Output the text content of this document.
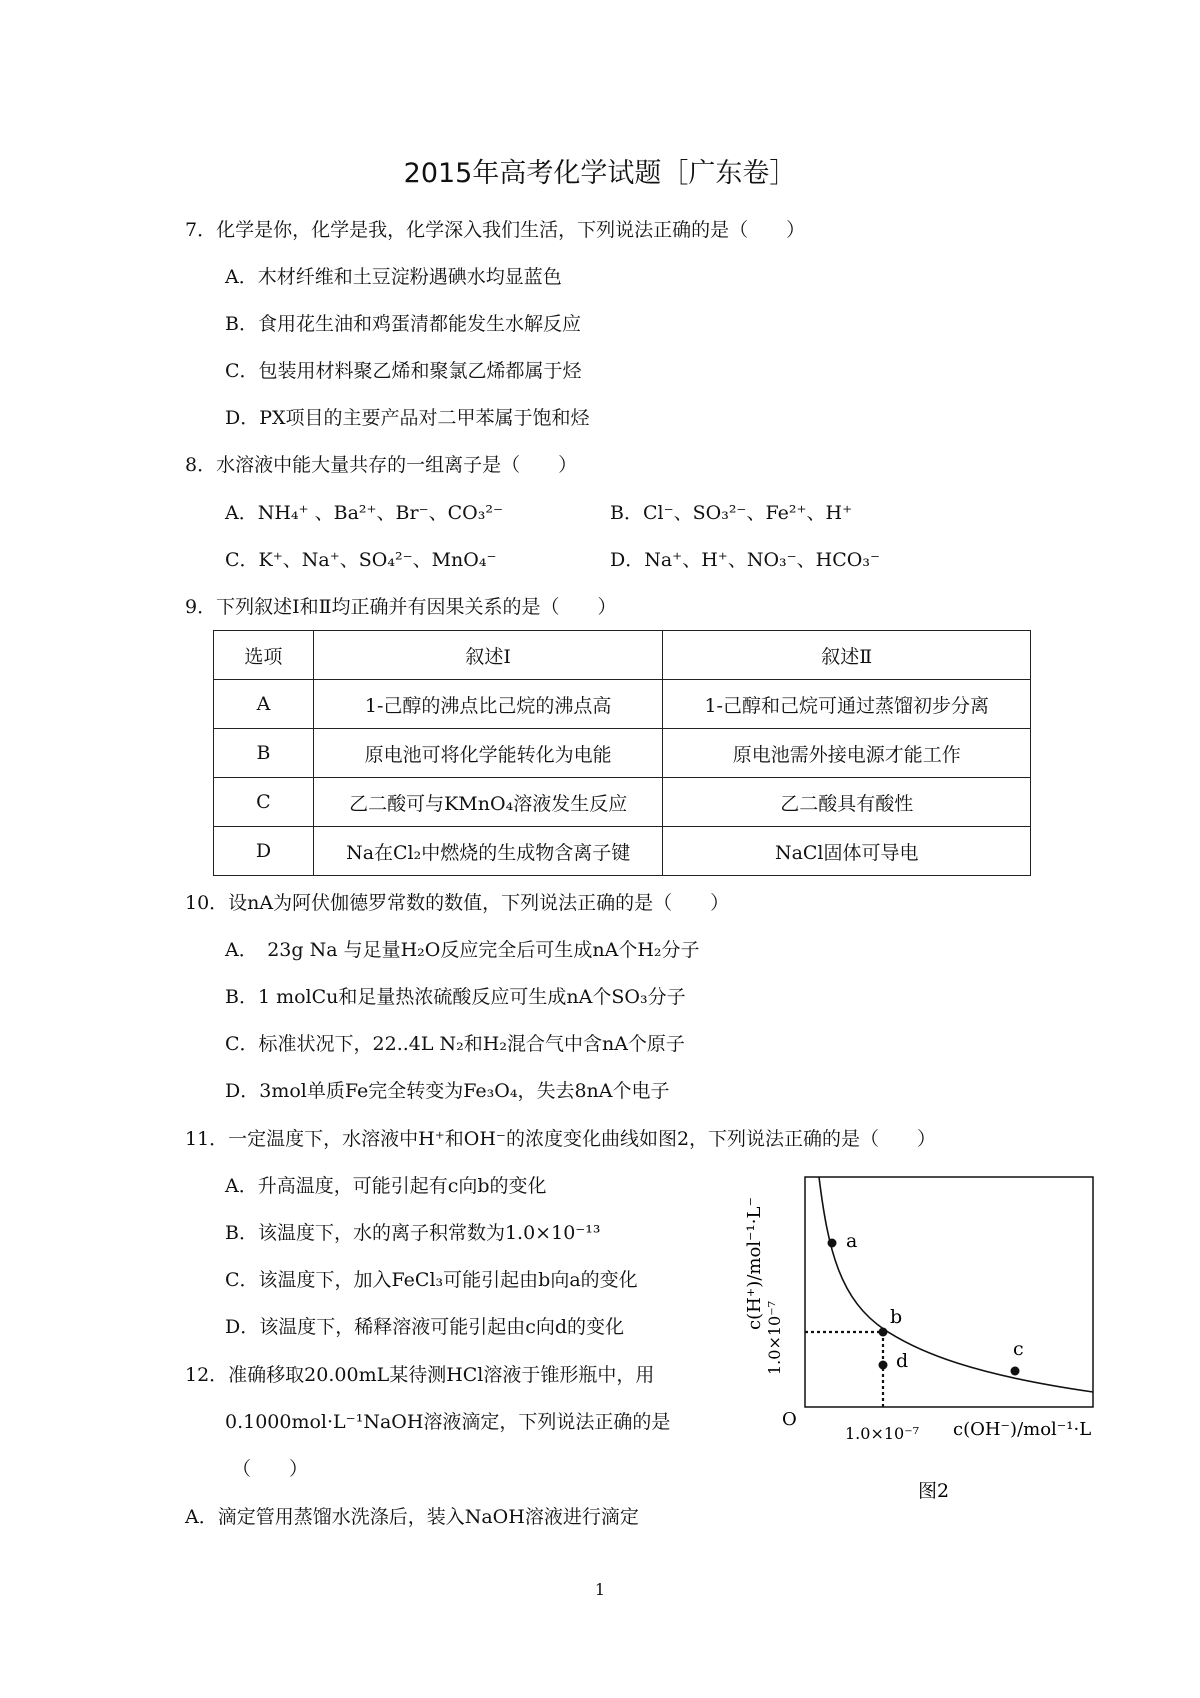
2015年高考化学试题［广东卷］
7．化学是你，化学是我，化学深入我们生活，下列说法正确的是（　　）
A．木材纤维和土豆淀粉遇碘水均显蓝色
B．食用花生油和鸡蛋清都能发生水解反应
C．包装用材料聚乙烯和聚氯乙烯都属于烃
D．PX项目的主要产品对二甲苯属于饱和烃
8．水溶液中能大量共存的一组离子是（　　）
A．NH₄⁺ 、Ba²⁺、Br⁻、CO₃²⁻	B．Cl⁻、SO₃²⁻、Fe²⁺、H⁺
C．K⁺、Na⁺、SO₄²⁻、MnO₄⁻	D．Na⁺、H⁺、NO₃⁻、HCO₃⁻
9．下列叙述Ⅰ和Ⅱ均正确并有因果关系的是（　　）
选项	叙述Ⅰ	叙述Ⅱ
A	1-己醇的沸点比己烷的沸点高	1-己醇和己烷可通过蒸馏初步分离
B	原电池可将化学能转化为电能	原电池需外接电源才能工作
C	乙二酸可与KMnO₄溶液发生反应	乙二酸具有酸性
D	Na在Cl₂中燃烧的生成物含离子键	NaCl固体可导电
10．设nA为阿伏伽德罗常数的数值，下列说法正确的是（　　）
A．　23g Na 与足量H₂O反应完全后可生成nA个H₂分子
B．1 molCu和足量热浓硫酸反应可生成nA个SO₃分子
C．标准状况下，22..4L N₂和H₂混合气中含nA个原子
D．3mol单质Fe完全转变为Fe₃O₄，失去8nA个电子
11．一定温度下，水溶液中H⁺和OH⁻的浓度变化曲线如图2，下列说法正确的是（　　）
A．升高温度，可能引起有c向b的变化
B．该温度下，水的离子积常数为1.0×10⁻¹³
C．该温度下，加入FeCl₃可能引起由b向a的变化
D．该温度下，稀释溶液可能引起由c向d的变化
12．准确移取20.00mL某待测HCl溶液于锥形瓶中，用
0.1000mol·L⁻¹NaOH溶液滴定，下列说法正确的是
（　　）
A．滴定管用蒸馏水洗涤后，装入NaOH溶液进行滴定
a
b
c
d
O
1.0×10⁻⁷ c(OH⁻)/mol⁻¹·L
1.0×10⁻⁷
c(H⁺)/mol⁻¹·L⁻
图2
1
